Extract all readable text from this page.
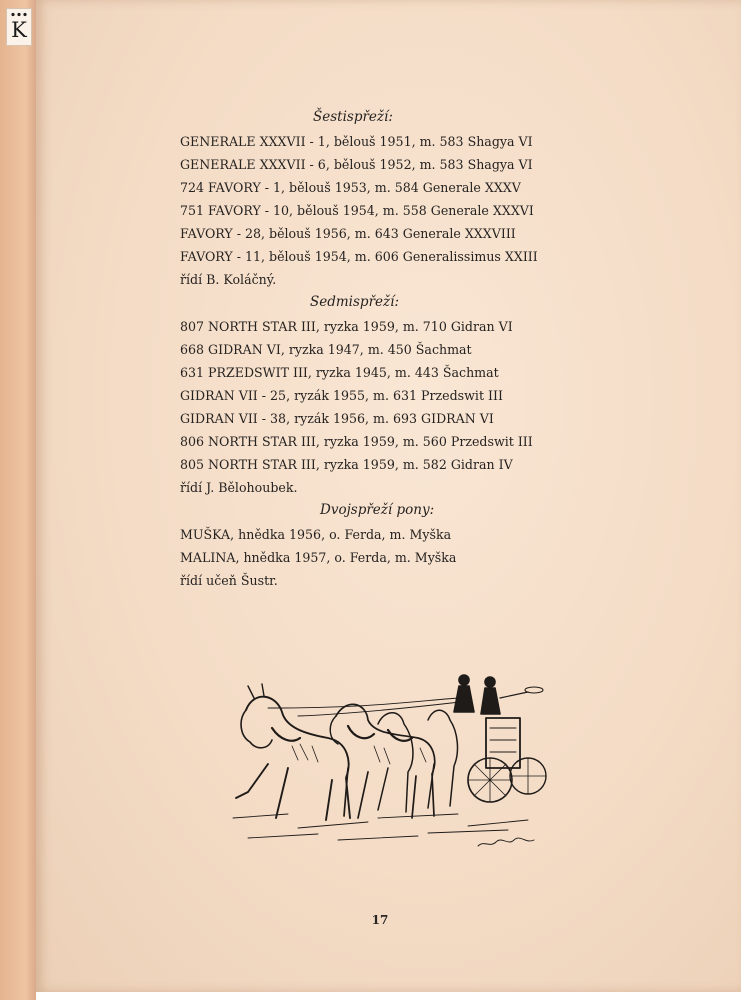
K
Šestispřeží:
GENERALE XXXVII - 1, bělouš 1951, m. 583 Shagya VI
GENERALE XXXVII - 6, bělouš 1952, m. 583 Shagya VI
724 FAVORY - 1, bělouš 1953, m. 584 Generale XXXV
751 FAVORY - 10, bělouš 1954, m. 558 Generale XXXVI
FAVORY - 28, bělouš 1956, m. 643 Generale XXXVIII
FAVORY - 11, bělouš 1954, m. 606 Generalissimus XXIII
řídí B. Koláčný.
Sedmispřeží:
807 NORTH STAR III, ryzka 1959, m. 710 Gidran VI
668 GIDRAN VI, ryzka 1947, m. 450 Šachmat
631 PRZEDSWIT III, ryzka 1945, m. 443 Šachmat
GIDRAN VII - 25, ryzák 1955, m. 631 Przedswit III
GIDRAN VII - 38, ryzák 1956, m. 693 GIDRAN VI
806 NORTH STAR III, ryzka 1959, m. 560 Przedswit III
805 NORTH STAR III, ryzka 1959, m. 582 Gidran IV
řídí J. Bělohoubek.
Dvojspřeží pony:
MUŠKA, hnědka 1956, o. Ferda, m. Myška
MALINA, hnědka 1957, o. Ferda, m. Myška
řídí učeň Šustr.
17
